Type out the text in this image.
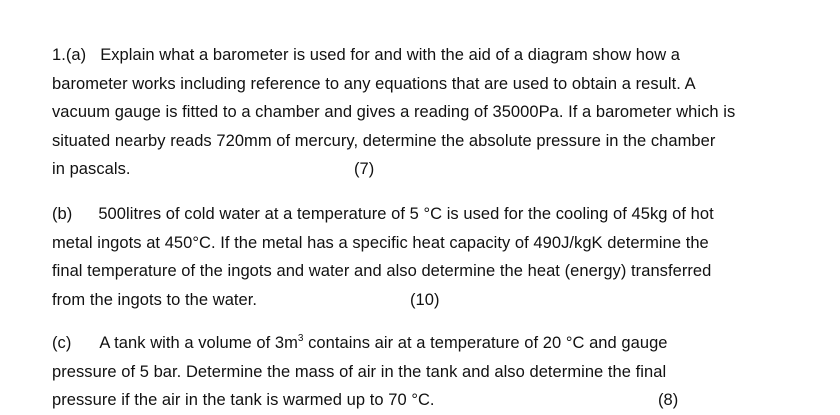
1.(a) Explain what a barometer is used for and with the aid of a diagram show how a
barometer works including reference to any equations that are used to obtain a result. A
vacuum gauge is fitted to a chamber and gives a reading of 35000Pa. If a barometer which is
situated nearby reads 720mm of mercury, determine the absolute pressure in the chamber
in pascals.	(7)
(b) 500litres of cold water at a temperature of 5 °C is used for the cooling of 45kg of hot
metal ingots at 450°C. If the metal has a specific heat capacity of 490J/kgK determine the
final temperature of the ingots and water and also determine the heat (energy) transferred
from the ingots to the water.	(10)
(c) A tank with a volume of $3m^3$ contains air at a temperature of 20 °C and gauge
pressure of 5 bar. Determine the mass of air in the tank and also determine the final
pressure if the air in the tank is warmed up to 70 °C.	(8)
